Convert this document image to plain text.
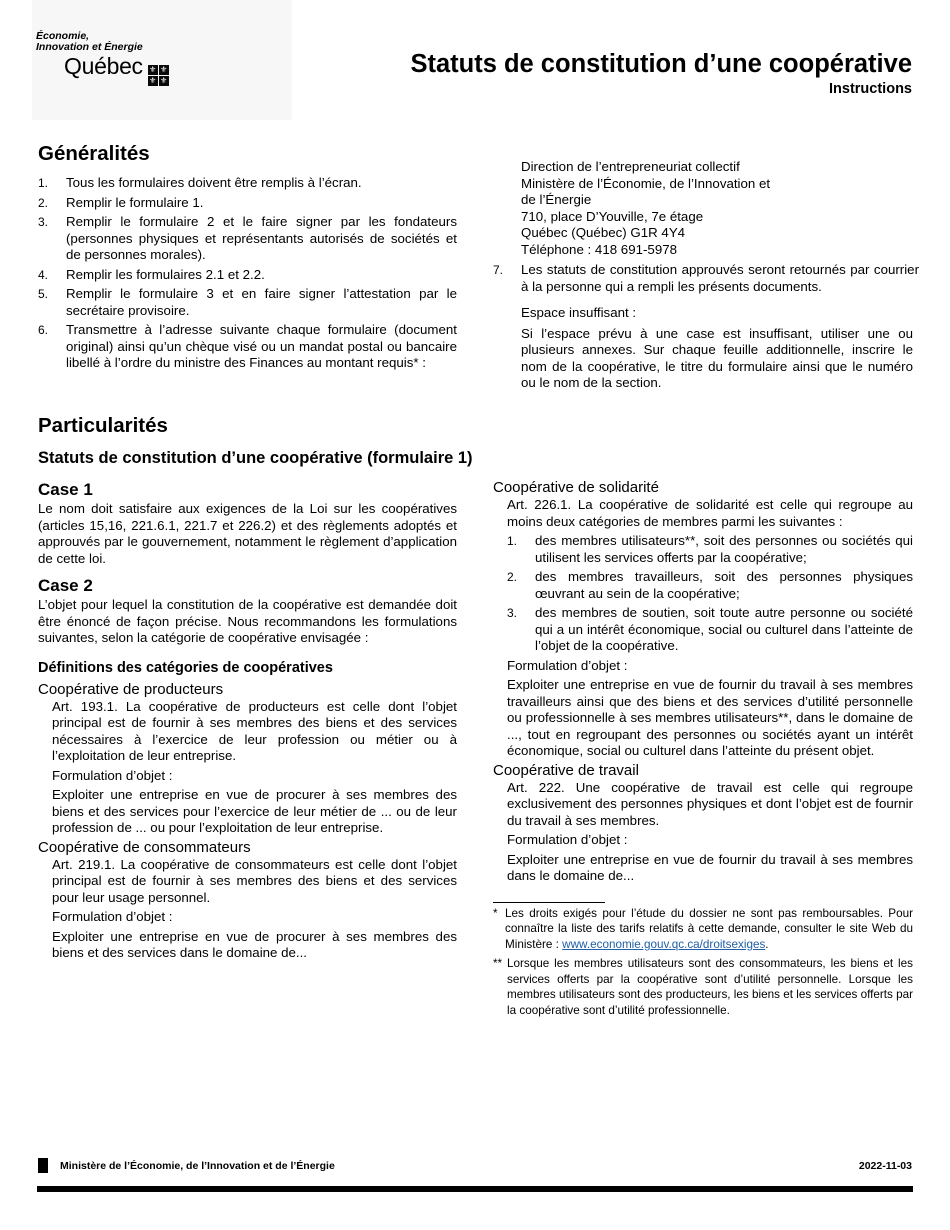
Économie,
Innovation et Énergie
Québec ⚜ ⚜
⚜ ⚜
Statuts de constitution d’une coopérative
Instructions
Généralités
1.	Tous les formulaires doivent être remplis à l’écran.
2.	Remplir le formulaire 1.
3.	Remplir le formulaire 2 et le faire signer par les fondateurs (personnes physiques et représentants autorisés de sociétés et de personnes morales).
4.	Remplir les formulaires 2.1 et 2.2.
5.	Remplir le formulaire 3 et en faire signer l’attestation par le secrétaire provisoire.
6.	Transmettre à l’adresse suivante chaque formulaire (document original) ainsi qu’un chèque visé ou un mandat postal ou bancaire libellé à l’ordre du ministre des Finances au montant requis* :
Direction de l’entrepreneuriat collectif
Ministère de l’Économie, de l’Innovation et
de l’Énergie
710, place D’Youville, 7e étage
Québec (Québec) G1R 4Y4
Téléphone : 418 691-5978
7.	Les statuts de constitution approuvés seront retournés par courrier à la personne qui a rempli les présents documents.
Espace insuffisant :
Si l’espace prévu à une case est insuffisant, utiliser une ou plusieurs annexes. Sur chaque feuille additionnelle, inscrire le nom de la coopérative, le titre du formulaire ainsi que le numéro ou le nom de la section.
Particularités
Statuts de constitution d’une coopérative (formulaire 1)
Case 1
Le nom doit satisfaire aux exigences de la Loi sur les coopératives (articles 15,16, 221.6.1, 221.7 et 226.2) et des règlements adoptés et approuvés par le gouvernement, notamment le règlement d’application de cette loi.
Case 2
L’objet pour lequel la constitution de la coopérative est demandée doit être énoncé de façon précise. Nous recommandons les formulations suivantes, selon la catégorie de coopérative envisagée :
Définitions des catégories de coopératives
Coopérative de producteurs
Art. 193.1. La coopérative de producteurs est celle dont l’objet principal est de fournir à ses membres des biens et des services nécessaires à l’exercice de leur profession ou métier ou à l’exploitation de leur entreprise.
Formulation d’objet :
Exploiter une entreprise en vue de procurer à ses membres des biens et des services pour l’exercice de leur métier de ... ou de leur profession de ... ou pour l’exploitation de leur entreprise.
Coopérative de consommateurs
Art. 219.1. La coopérative de consommateurs est celle dont l’objet principal est de fournir à ses membres des biens et des services pour leur usage personnel.
Formulation d’objet :
Exploiter une entreprise en vue de procurer à ses membres des biens et des services dans le domaine de...
Coopérative de solidarité
Art. 226.1. La coopérative de solidarité est celle qui regroupe au moins deux catégories de membres parmi les suivantes :
1.	des membres utilisateurs**, soit des personnes ou sociétés qui utilisent les services offerts par la coopérative;
2.	des membres travailleurs, soit des personnes physiques œuvrant au sein de la coopérative;
3.	des membres de soutien, soit toute autre personne ou société qui a un intérêt économique, social ou culturel dans l’atteinte de l’objet de la coopérative.
Formulation d’objet :
Exploiter une entreprise en vue de fournir du travail à ses membres travailleurs ainsi que des biens et des services d’utilité personnelle ou professionnelle à ses membres utilisateurs**, dans le domaine de ..., tout en regroupant des personnes ou sociétés ayant un intérêt économique, social ou culturel dans l’atteinte du présent objet.
Coopérative de travail
Art. 222. Une coopérative de travail est celle qui regroupe exclusivement des personnes physiques et dont l’objet est de fournir du travail à ses membres.
Formulation d’objet :
Exploiter une entreprise en vue de fournir du travail à ses membres dans le domaine de...
* Les droits exigés pour l’étude du dossier ne sont pas remboursables. Pour connaître la liste des tarifs relatifs à cette demande, consulter le site Web du Ministère : www.economie.gouv.qc.ca/droitsexiges.
** Lorsque les membres utilisateurs sont des consommateurs, les biens et les services offerts par la coopérative sont d’utilité personnelle. Lorsque les membres utilisateurs sont des producteurs, les biens et les services offerts par la coopérative sont d’utilité professionnelle.
Ministère de l’Économie, de l’Innovation et de l’Énergie	2022-11-03
